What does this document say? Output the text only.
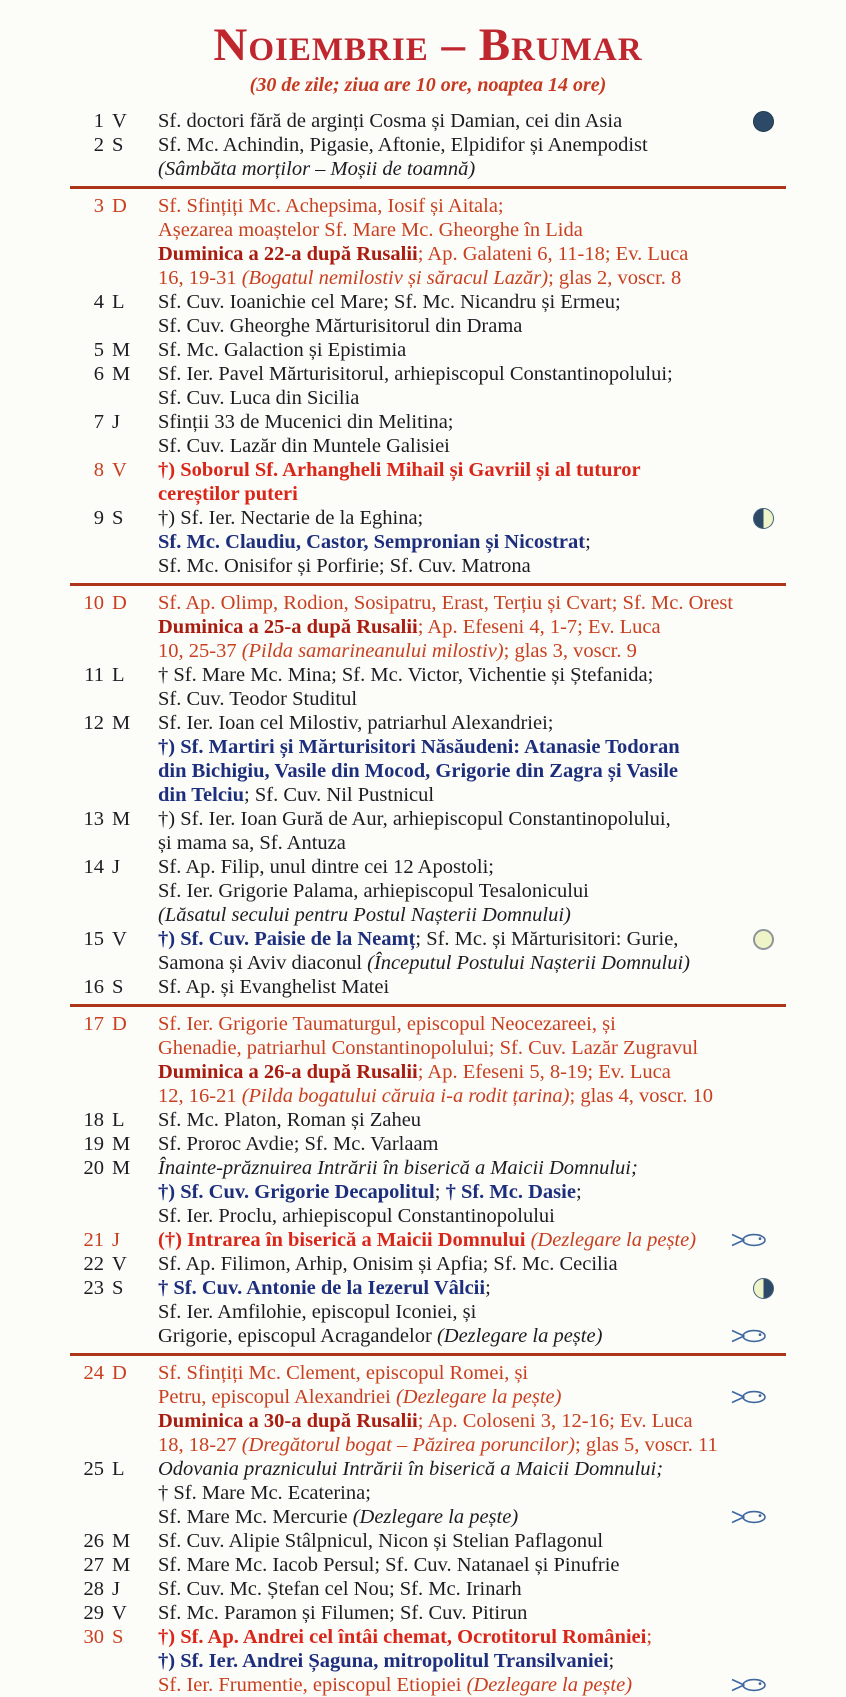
Noiembrie – Brumar
(30 de zile; ziua are 10 ore, noaptea 14 ore)
1 V Sf. doctori fără de arginți Cosma și Damian, cei din Asia
2 S Sf. Mc. Achindin, Pigasie, Aftonie, Elpidifor și Anempodist
(Sâmbăta morților – Moșii de toamnă)
3 D Sf. Sfințiți Mc. Achepsima, Iosif și Aitala;
Așezarea moaștelor Sf. Mare Mc. Gheorghe în Lida
Duminica a 22-a după Rusalii; Ap. Galateni 6, 11-18; Ev. Luca
16, 19-31 (Bogatul nemilostiv și săracul Lazăr); glas 2, voscr. 8
4 L Sf. Cuv. Ioanichie cel Mare; Sf. Mc. Nicandru și Ermeu;
Sf. Cuv. Gheorghe Mărturisitorul din Drama
5 M Sf. Mc. Galaction și Epistimia
6 M Sf. Ier. Pavel Mărturisitorul, arhiepiscopul Constantinopolului;
Sf. Cuv. Luca din Sicilia
7 J Sfinții 33 de Mucenici din Melitina;
Sf. Cuv. Lazăr din Muntele Galisiei
8 V †) Soborul Sf. Arhangheli Mihail și Gavriil și al tuturor
cereștilor puteri
9 S †) Sf. Ier. Nectarie de la Eghina;
Sf. Mc. Claudiu, Castor, Sempronian și Nicostrat;
Sf. Mc. Onisifor și Porfirie; Sf. Cuv. Matrona
10 D Sf. Ap. Olimp, Rodion, Sosipatru, Erast, Terțiu și Cvart; Sf. Mc. Orest
Duminica a 25-a după Rusalii; Ap. Efeseni 4, 1-7; Ev. Luca
10, 25-37 (Pilda samarineanului milostiv); glas 3, voscr. 9
11 L † Sf. Mare Mc. Mina; Sf. Mc. Victor, Vichentie și Ștefanida;
Sf. Cuv. Teodor Studitul
12 M Sf. Ier. Ioan cel Milostiv, patriarhul Alexandriei;
†) Sf. Martiri și Mărturisitori Năsăudeni: Atanasie Todoran
din Bichigiu, Vasile din Mocod, Grigorie din Zagra și Vasile
din Telciu; Sf. Cuv. Nil Pustnicul
13 M †) Sf. Ier. Ioan Gură de Aur, arhiepiscopul Constantinopolului,
și mama sa, Sf. Antuza
14 J Sf. Ap. Filip, unul dintre cei 12 Apostoli;
Sf. Ier. Grigorie Palama, arhiepiscopul Tesalonicului
(Lăsatul secului pentru Postul Nașterii Domnului)
15 V †) Sf. Cuv. Paisie de la Neamț; Sf. Mc. și Mărturisitori: Gurie,
Samona și Aviv diaconul (Începutul Postului Nașterii Domnului)
16 S Sf. Ap. și Evanghelist Matei
17 D Sf. Ier. Grigorie Taumaturgul, episcopul Neocezareei, și
Ghenadie, patriarhul Constantinopolului; Sf. Cuv. Lazăr Zugravul
Duminica a 26-a după Rusalii; Ap. Efeseni 5, 8-19; Ev. Luca
12, 16-21 (Pilda bogatului căruia i-a rodit țarina); glas 4, voscr. 10
18 L Sf. Mc. Platon, Roman și Zaheu
19 M Sf. Proroc Avdie; Sf. Mc. Varlaam
20 M Înainte-prăznuirea Intrării în biserică a Maicii Domnului;
†) Sf. Cuv. Grigorie Decapolitul; † Sf. Mc. Dasie;
Sf. Ier. Proclu, arhiepiscopul Constantinopolului
21 J (†) Intrarea în biserică a Maicii Domnului (Dezlegare la pește)
22 V Sf. Ap. Filimon, Arhip, Onisim și Apfia; Sf. Mc. Cecilia
23 S † Sf. Cuv. Antonie de la Iezerul Vâlcii;
Sf. Ier. Amfilohie, episcopul Iconiei, și
Grigorie, episcopul Acragandelor (Dezlegare la pește)
24 D Sf. Sfințiți Mc. Clement, episcopul Romei, și
Petru, episcopul Alexandriei (Dezlegare la pește)
Duminica a 30-a după Rusalii; Ap. Coloseni 3, 12-16; Ev. Luca
18, 18-27 (Dregătorul bogat – Păzirea poruncilor); glas 5, voscr. 11
25 L Odovania praznicului Intrării în biserică a Maicii Domnului;
† Sf. Mare Mc. Ecaterina;
Sf. Mare Mc. Mercurie (Dezlegare la pește)
26 M Sf. Cuv. Alipie Stâlpnicul, Nicon și Stelian Paflagonul
27 M Sf. Mare Mc. Iacob Persul; Sf. Cuv. Natanael și Pinufrie
28 J Sf. Cuv. Mc. Ștefan cel Nou; Sf. Mc. Irinarh
29 V Sf. Mc. Paramon și Filumen; Sf. Cuv. Pitirun
30 S †) Sf. Ap. Andrei cel întâi chemat, Ocrotitorul României;
†) Sf. Ier. Andrei Șaguna, mitropolitul Transilvaniei;
Sf. Ier. Frumentie, episcopul Etiopiei (Dezlegare la pește)
